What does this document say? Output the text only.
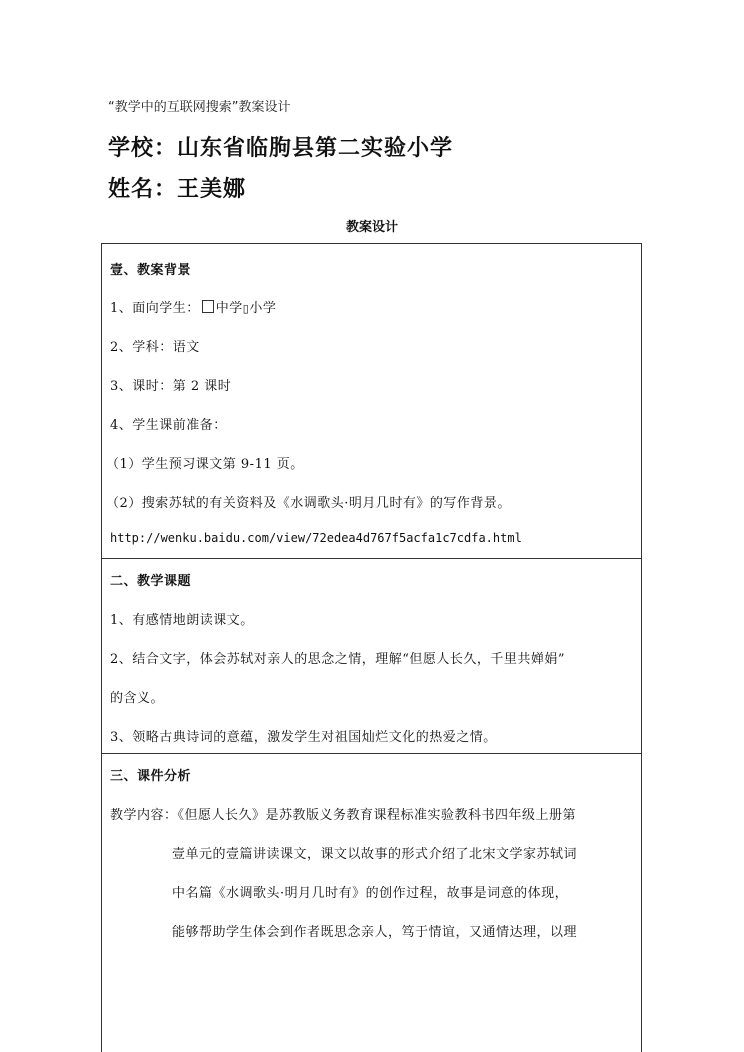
“教学中的互联网搜索”教案设计
学校：山东省临朐县第二实验小学
姓名：王美娜
教案设计
壹、教案背景
1、面向学生： 中学▯小学
2、学科：语文
3、课时：第 2 课时
4、学生课前准备：
（1）学生预习课文第 9-11 页。
（2）搜索苏轼的有关资料及《水调歌头·明月几时有》的写作背景。
http://wenku.baidu.com/view/72edea4d767f5acfa1c7cdfa.html
二、教学课题
1、有感情地朗读课文。
2、结合文字，体会苏轼对亲人的思念之情，理解“但愿人长久，千里共婵娟”
的含义。
3、领略古典诗词的意蕴，激发学生对祖国灿烂文化的热爱之情。
三、课件分析
教学内容：《但愿人长久》是苏教版义务教育课程标准实验教科书四年级上册第
壹单元的壹篇讲读课文，课文以故事的形式介绍了北宋文学家苏轼词
中名篇《水调歌头·明月几时有》的创作过程，故事是词意的体现，
能够帮助学生体会到作者既思念亲人，笃于情谊，又通情达理，以理
